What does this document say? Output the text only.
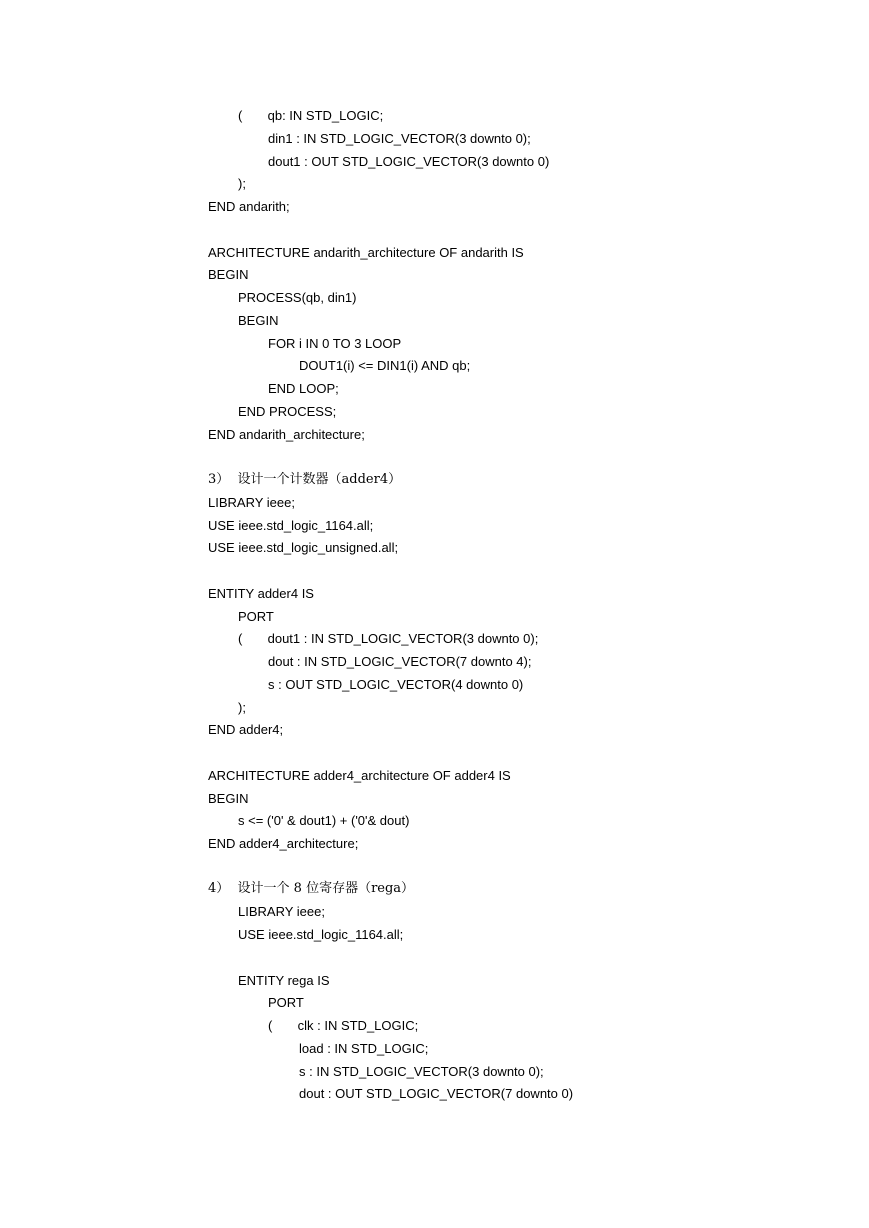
(       qb: IN STD_LOGIC;
din1 : IN STD_LOGIC_VECTOR(3 downto 0);
dout1 : OUT STD_LOGIC_VECTOR(3 downto 0)
);
END andarith;
ARCHITECTURE andarith_architecture OF andarith IS
BEGIN
PROCESS(qb, din1)
BEGIN
FOR i IN 0 TO 3 LOOP
DOUT1(i) <= DIN1(i) AND qb;
END LOOP;
END PROCESS;
END andarith_architecture;
3）  设计一个计数器（adder4）
LIBRARY ieee;
USE ieee.std_logic_1164.all;
USE ieee.std_logic_unsigned.all;
ENTITY adder4 IS
PORT
(       dout1 : IN STD_LOGIC_VECTOR(3 downto 0);
dout : IN STD_LOGIC_VECTOR(7 downto 4);
s : OUT STD_LOGIC_VECTOR(4 downto 0)
);
END adder4;
ARCHITECTURE adder4_architecture OF adder4 IS
BEGIN
s <= ('0' & dout1) + ('0'& dout)
END adder4_architecture;
4）  设计一个 8 位寄存器（rega）
LIBRARY ieee;
USE ieee.std_logic_1164.all;
ENTITY rega IS
PORT
(       clk : IN STD_LOGIC;
load : IN STD_LOGIC;
s : IN STD_LOGIC_VECTOR(3 downto 0);
dout : OUT STD_LOGIC_VECTOR(7 downto 0)
